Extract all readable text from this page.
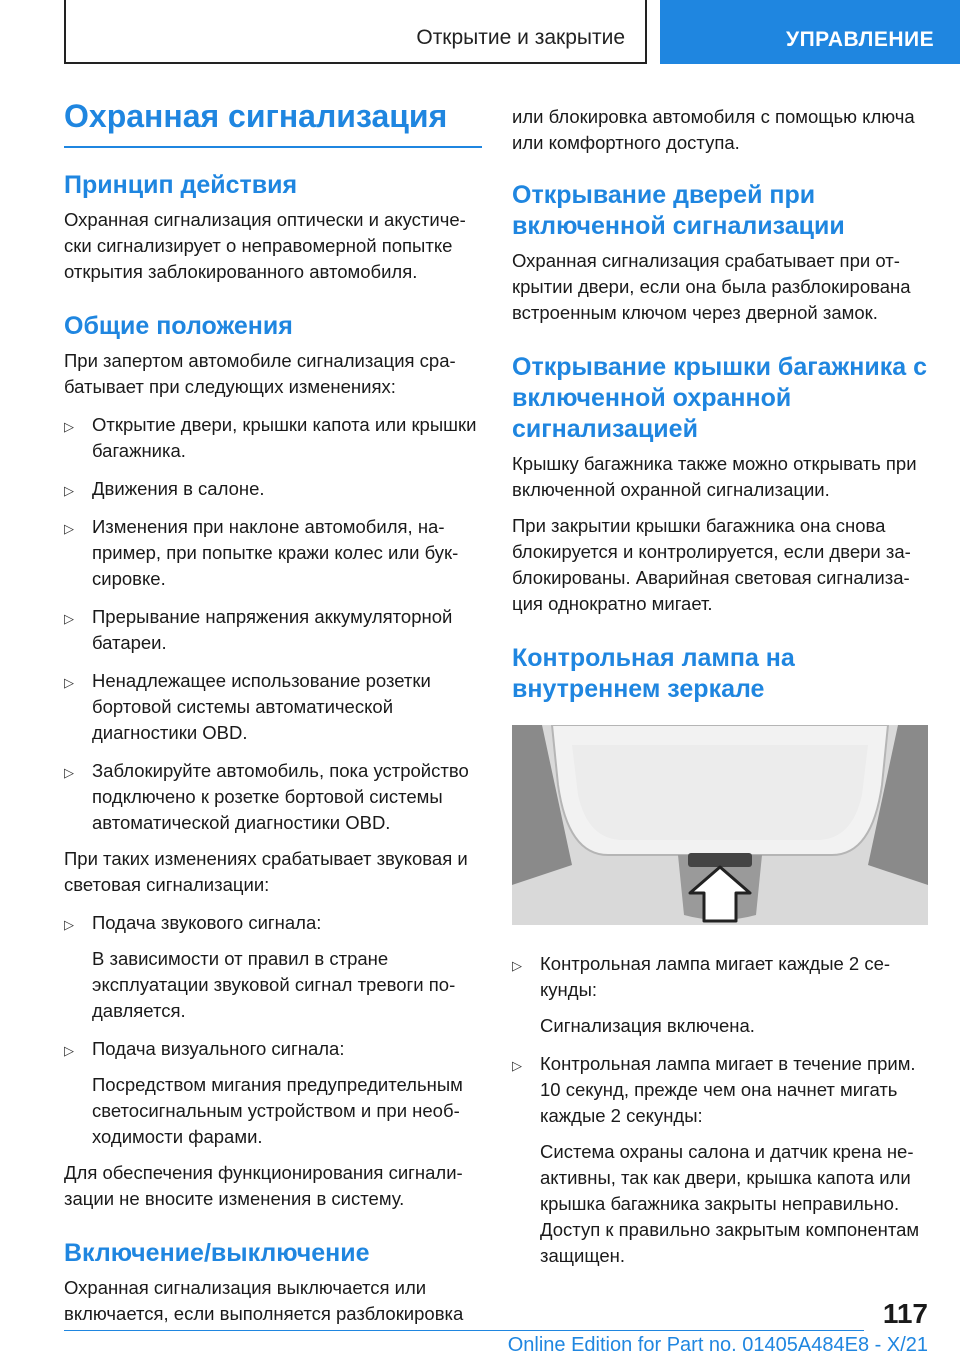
Открытие и закрытие	УПРАВЛЕНИЕ
Охранная сигнализация
Принцип действия

Охранная сигнализация оптически и акустически сигнализирует о неправомерной попытке открытия заблокированного автомобиля.

Общие положения

При запертом автомобиле сигнализация срабатывает при следующих изменениях:

▷ Открытие двери, крышки капота или крышки багажника.
▷ Движения в салоне.
▷ Изменения при наклоне автомобиля, например, при попытке кражи колес или буксировке.
▷ Прерывание напряжения аккумуляторной батареи.
▷ Ненадлежащее использование розетки бортовой системы автоматической диагностики OBD.
▷ Заблокируйте автомобиль, пока устройство подключено к розетке бортовой системы автоматической диагностики OBD.

При таких изменениях срабатывает звуковая и световая сигнализации:

▷ Подача звукового сигнала:
В зависимости от правил в стране эксплуатации звуковой сигнал тревоги подавляется.
▷ Подача визуального сигнала:
Посредством мигания предупредительным светосигнальным устройством и при необходимости фарами.

Для обеспечения функционирования сигнализации не вносите изменения в систему.

Включение/выключение

Охранная сигнализация выключается или включается, если выполняется разблокировка

или блокировка автомобиля с помощью ключа или комфортного доступа.

Открывание дверей при включенной сигнализации

Охранная сигнализация срабатывает при открытии двери, если она была разблокирована встроенным ключом через дверной замок.

Открывание крышки багажника с включенной охранной сигнализацией

Крышку багажника также можно открывать при включенной охранной сигнализации.

При закрытии крышки багажника она снова блокируется и контролируется, если двери заблокированы. Аварийная световая сигнализация однократно мигает.

Контрольная лампа на внутреннем зеркале
▷ Контрольная лампа мигает каждые 2 секунды:
Сигнализация включена.
▷ Контрольная лампа мигает в течение прим. 10 секунд, прежде чем она начнет мигать каждые 2 секунды:
Система охраны салона и датчик крена неактивны, так как двери, крышка капота или крышка багажника закрыты неправильно. Доступ к правильно закрытым компонентам защищен.
117
Online Edition for Part no. 01405A484E8 - X/21
